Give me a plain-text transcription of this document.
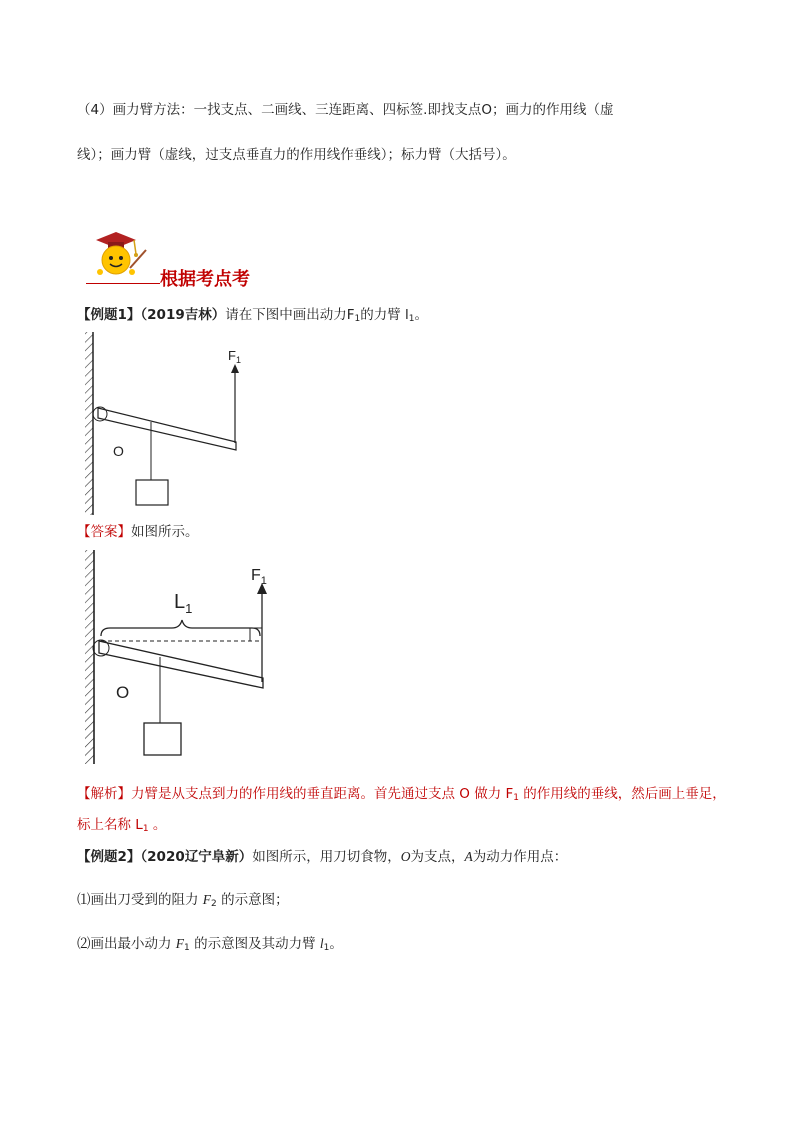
（4）画力臂方法：一找支点、二画线、三连距离、四标签.即找支点O；画力的作用线（虚
线）；画力臂（虚线，过支点垂直力的作用线作垂线）；标力臂（大括号）。
根据考点考
【例题1】（2019吉林）请在下图中画出动力$F_1$的力臂 $l_1$。
$F_1$
O
【答案】如图所示。
$F_1$
$L_1$
O
【解析】力臂是从支点到力的作用线的垂直距离。首先通过支点 O 做力 $F_1$ 的作用线的垂线，然后画上垂足，
标上名称 $L_1$ 。
【例题2】（2020辽宁阜新）如图所示，用刀切食物，O为支点，A为动力作用点：
⑴画出刀受到的阻力 $F_2$ 的示意图；
⑵画出最小动力 $F_1$ 的示意图及其动力臂 $l_1$。
